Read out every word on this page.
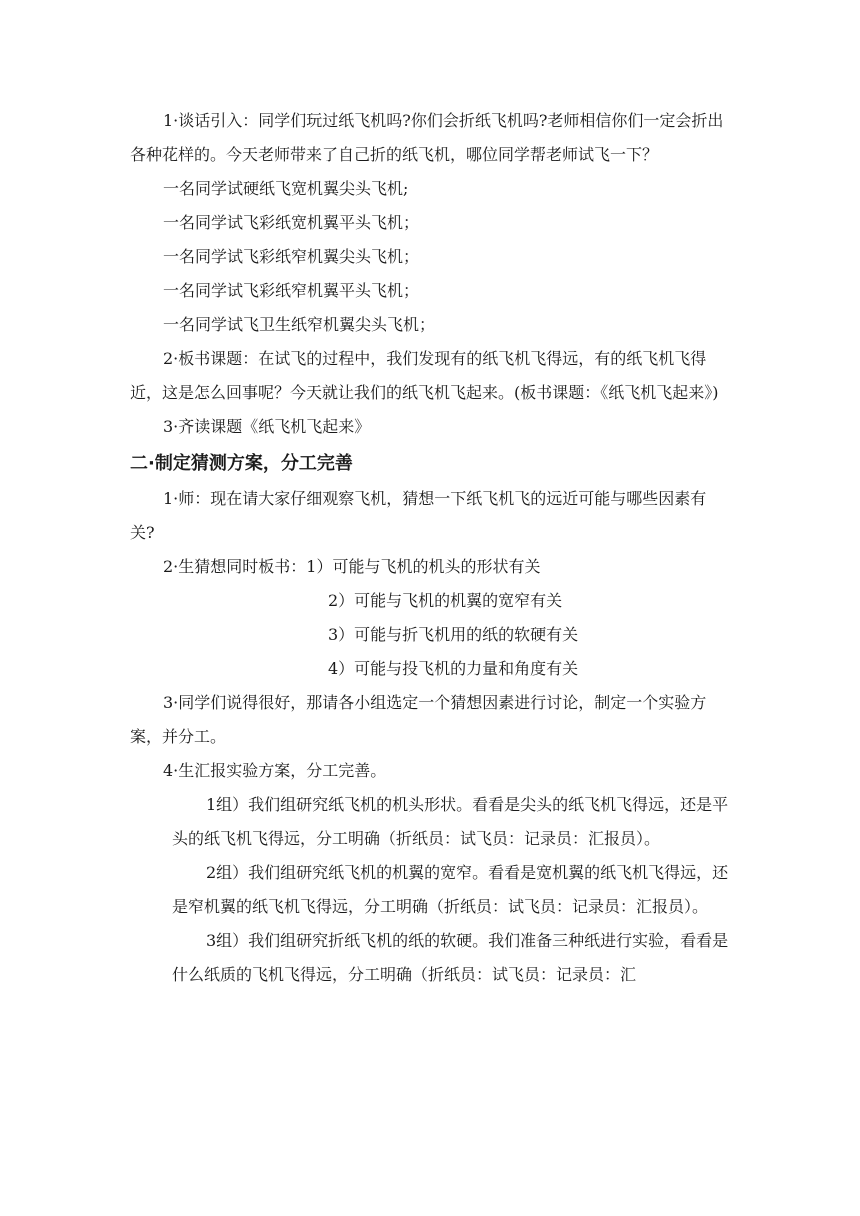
1·谈话引入：同学们玩过纸飞机吗?你们会折纸飞机吗?老师相信你们一定会折出各种花样的。今天老师带来了自己折的纸飞机，哪位同学帮老师试飞一下？

一名同学试硬纸飞宽机翼尖头飞机;

一名同学试飞彩纸宽机翼平头飞机；

一名同学试飞彩纸窄机翼尖头飞机；

一名同学试飞彩纸窄机翼平头飞机；

一名同学试飞卫生纸窄机翼尖头飞机；

2·板书课题：在试飞的过程中，我们发现有的纸飞机飞得远，有的纸飞机飞得近，这是怎么回事呢？今天就让我们的纸飞机飞起来。(板书课题：《纸飞机飞起来》)

3·齐读课题《纸飞机飞起来》

二·制定猜测方案，分工完善

1·师：现在请大家仔细观察飞机，猜想一下纸飞机飞的远近可能与哪些因素有关?

2·生猜想同时板书：1）可能与飞机的机头的形状有关

2）可能与飞机的机翼的宽窄有关

3）可能与折飞机用的纸的软硬有关

4）可能与投飞机的力量和角度有关

3·同学们说得很好，那请各小组选定一个猜想因素进行讨论，制定一个实验方案，并分工。

4·生汇报实验方案，分工完善。

1组）我们组研究纸飞机的机头形状。看看是尖头的纸飞机飞得远，还是平头的纸飞机飞得远，分工明确（折纸员：试飞员：记录员：汇报员）。

2组）我们组研究纸飞机的机翼的宽窄。看看是宽机翼的纸飞机飞得远，还是窄机翼的纸飞机飞得远，分工明确（折纸员：试飞员：记录员：汇报员）。

3组）我们组研究折纸飞机的纸的软硬。我们准备三种纸进行实验，看看是什么纸质的飞机飞得远，分工明确（折纸员：试飞员：记录员：汇
